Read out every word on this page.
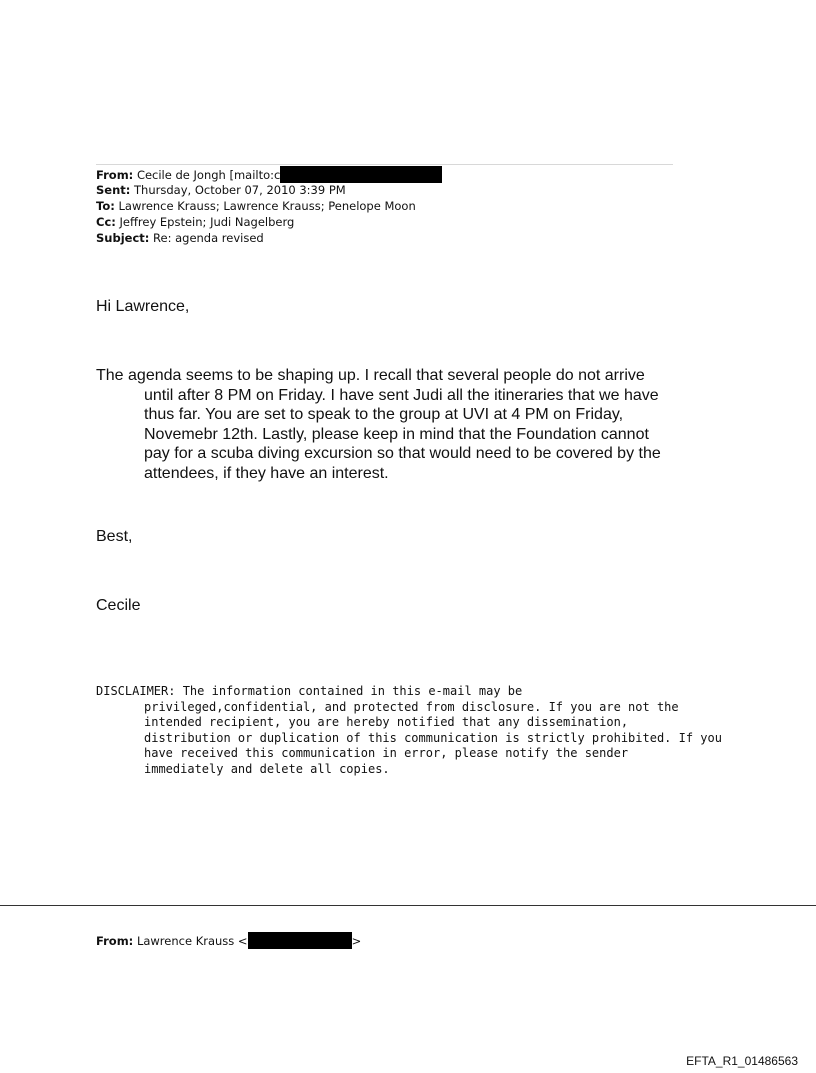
From: Cecile de Jongh [mailto:c
Sent: Thursday, October 07, 2010 3:39 PM
To: Lawrence Krauss; Lawrence Krauss; Penelope Moon
Cc: Jeffrey Epstein; Judi Nagelberg
Subject: Re: agenda revised
Hi Lawrence,
The agenda seems to be shaping up. I recall that several people do not arrive
until after 8 PM on Friday. I have sent Judi all the itineraries that we have
thus far. You are set to speak to the group at UVI at 4 PM on Friday,
Novemebr 12th. Lastly, please keep in mind that the Foundation cannot
pay for a scuba diving excursion so that would need to be covered by the
attendees, if they have an interest.
Best,
Cecile
DISCLAIMER: The information contained in this e-mail may be
privileged,confidential, and protected from disclosure. If you are not the
intended recipient, you are hereby notified that any dissemination,
distribution or duplication of this communication is strictly prohibited. If you
have received this communication in error, please notify the sender
immediately and delete all copies.
From: Lawrence Krauss <	>
EFTA_R1_01486563
